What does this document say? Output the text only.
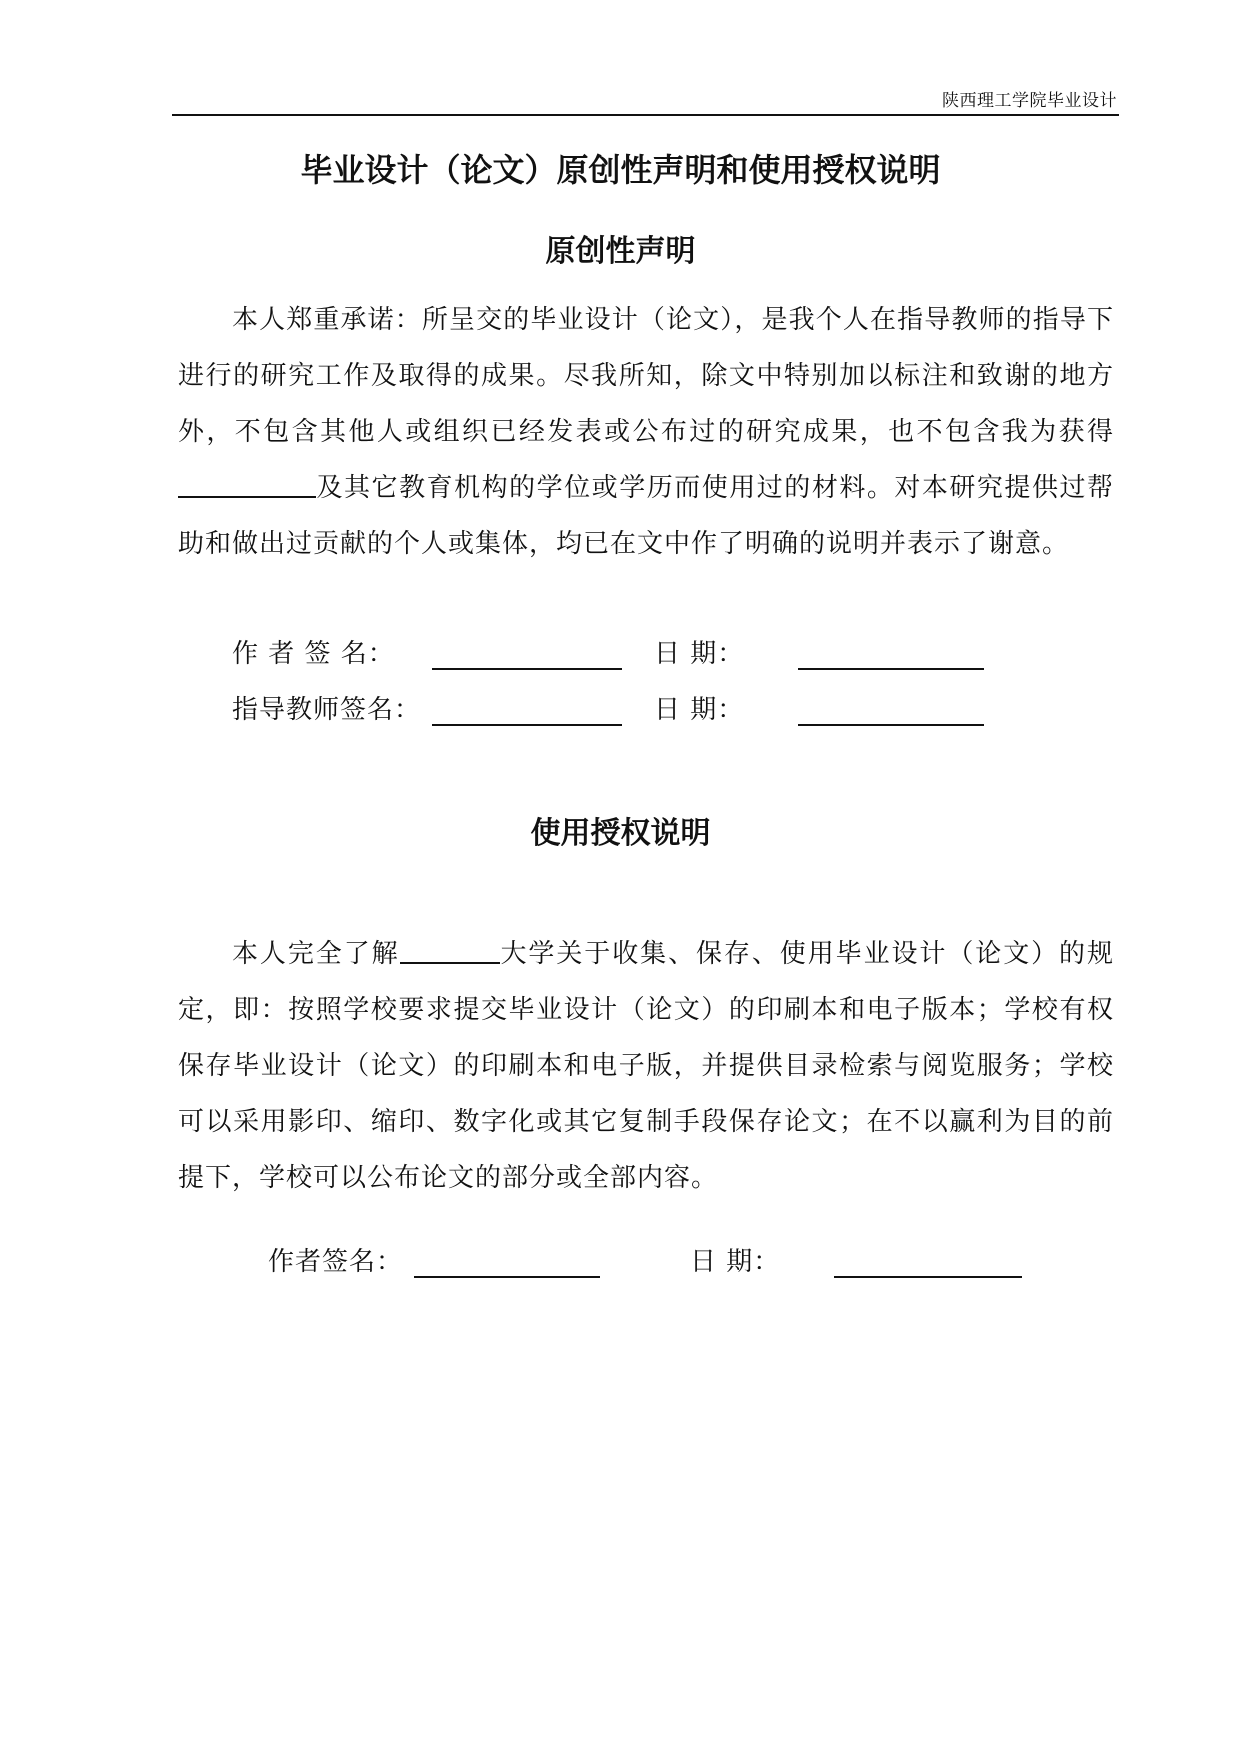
陕西理工学院毕业设计
毕业设计（论文）原创性声明和使用授权说明
原创性声明
本人郑重承诺：所呈交的毕业设计（论文），是我个人在指导教师的指导下进行的研究工作及取得的成果。尽我所知，除文中特别加以标注和致谢的地方外，不包含其他人或组织已经发表或公布过的研究成果，也不包含我为获得及其它教育机构的学位或学历而使用过的材料。对本研究提供过帮助和做出过贡献的个人或集体，均已在文中作了明确的说明并表示了谢意。
作 者 签 名：	日 期：
指导教师签名：	日 期：
使用授权说明
本人完全了解	大学关于收集、保存、使用毕业设计（论文）的规定，即：按照学校要求提交毕业设计（论文）的印刷本和电子版本；学校有权保存毕业设计（论文）的印刷本和电子版，并提供目录检索与阅览服务；学校可以采用影印、缩印、数字化或其它复制手段保存论文；在不以赢利为目的前提下，学校可以公布论文的部分或全部内容。
作者签名：	日 期：
